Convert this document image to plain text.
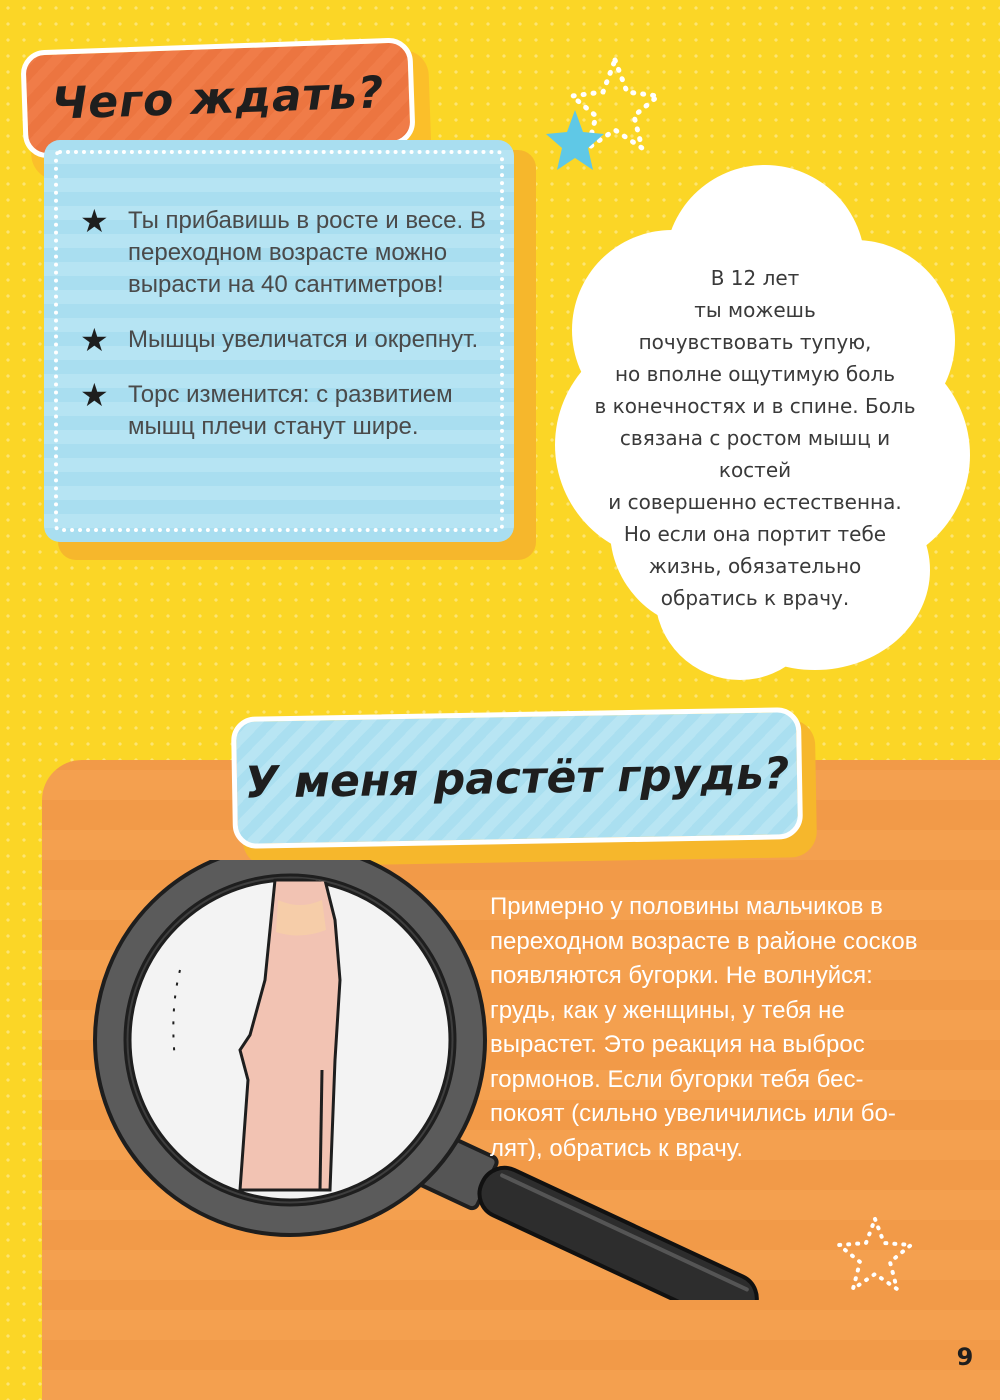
Чего ждать?
★ Ты прибавишь в росте и весе. В переходном возрасте можно вырасти на 40 сантиметров!
★ Мышцы увеличатся и окрепнут.
★ Торс изменится: с развитием мышц плечи станут шире.
В 12 лет
ты можешь
почувствовать тупую,
но вполне ощутимую боль
в конечностях и в спине. Боль
связана с ростом мышц и костей
и совершенно естественна.
Но если она портит тебе
жизнь, обязательно
обратись к врачу.
У меня растёт грудь?
Примерно у половины мальчиков в переходном возрасте в районе сосков появляются бугорки. Не волнуйся: грудь, как у женщины, у тебя не вырастет. Это реакция на выброс гормонов. Если бугорки тебя беспокоят (сильно увеличились или болят), обратись к врачу.
9
